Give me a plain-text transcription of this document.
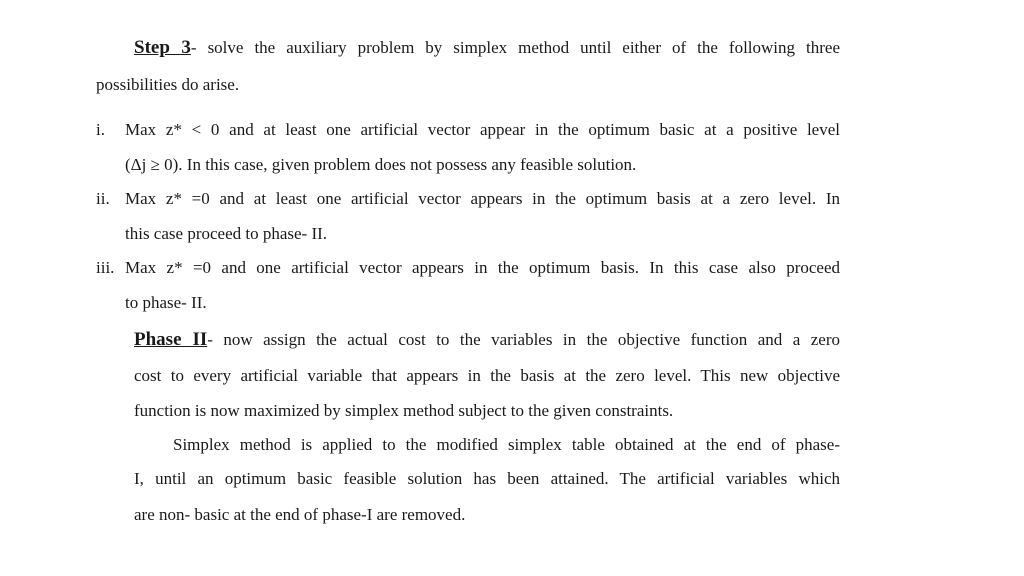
Step 3- solve the auxiliary problem by simplex method until either of the following three
possibilities do arise.
i. Max z* < 0 and at least one artificial vector appear in the optimum basic at a positive level
(Δj ≥ 0). In this case, given problem does not possess any feasible solution.
ii. Max z* =0 and at least one artificial vector appears in the optimum basis at a zero level. In
this case proceed to phase- II.
iii. Max z* =0 and one artificial vector appears in the optimum basis. In this case also proceed
to phase- II.
Phase II- now assign the actual cost to the variables in the objective function and a zero
cost to every artificial variable that appears in the basis at the zero level. This new objective
function is now maximized by simplex method subject to the given constraints.
Simplex method is applied to the modified simplex table obtained at the end of phase-
I, until an optimum basic feasible solution has been attained. The artificial variables which
are non- basic at the end of phase-I are removed.
